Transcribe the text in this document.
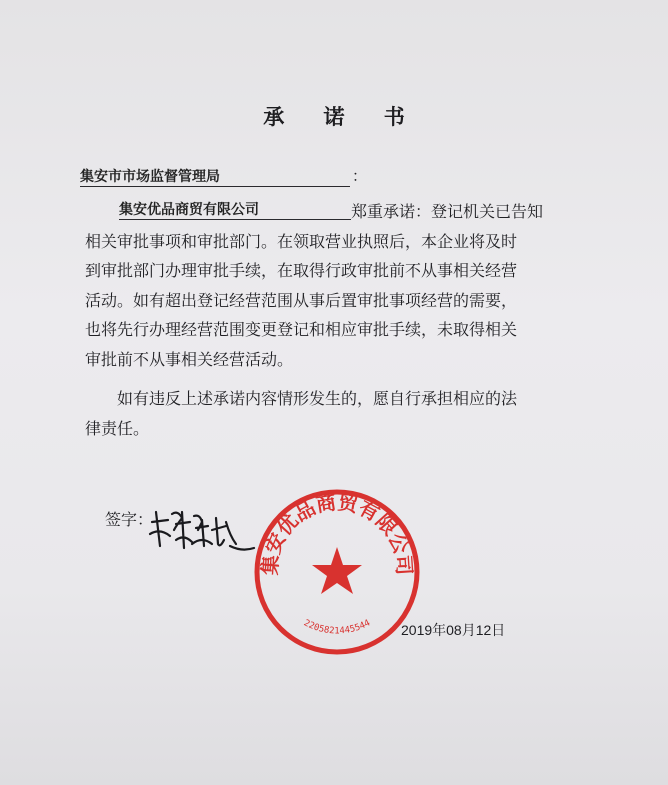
承 诺 书
集安市市场监督管理局	：

集安优品商贸有限公司	郑重承诺：登记机关已告知

相关审批事项和审批部门。在领取营业执照后，本企业将及时

到审批部门办理审批手续，在取得行政审批前不从事相关经营

活动。如有超出登记经营范围从事后置审批事项经营的需要，

也将先行办理经营范围变更登记和相应审批手续，未取得相关

审批前不从事相关经营活动。

如有违反上述承诺内容情形发生的，愿自行承担相应的法

律责任。

签字：
集安优品商贸有限公司
2205821445544 2019年08月12日
